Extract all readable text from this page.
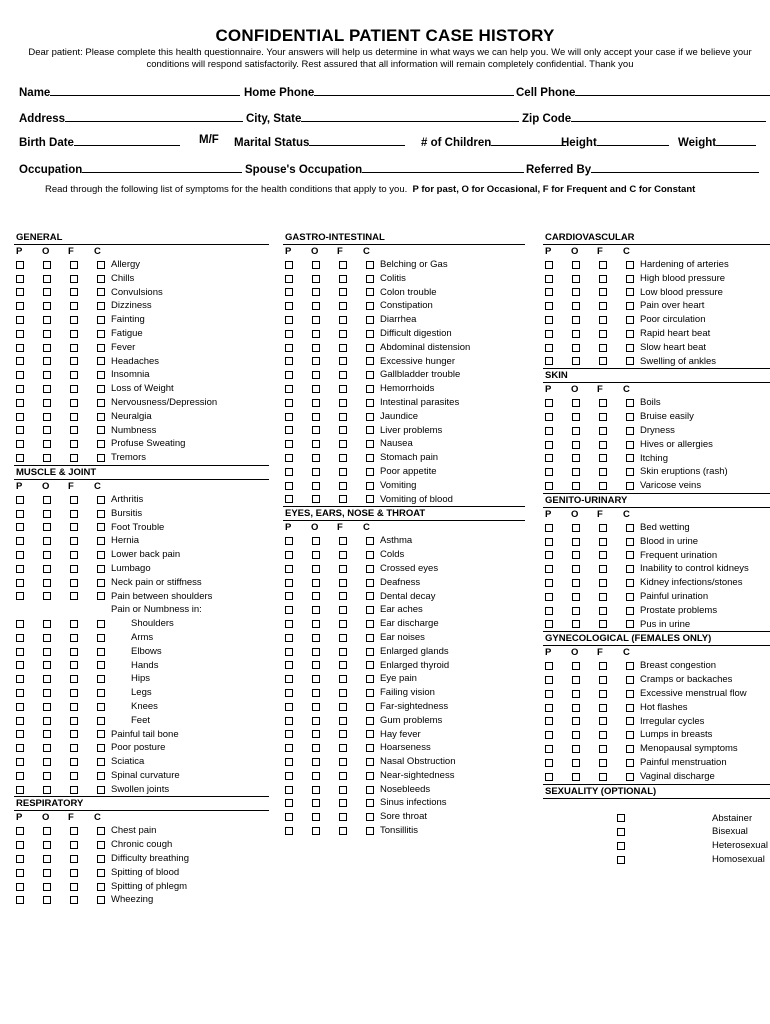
CONFIDENTIAL PATIENT CASE HISTORY
Dear patient: Please complete this health questionnaire. Your answers will help us determine in what ways we can help you. We will only accept your case if we believe your conditions will respond satisfactorily. Rest assured that all information will remain completely confidential. Thank you
Name	Home Phone	Cell Phone
Address	City, State	Zip Code
Birth Date	M/F Marital Status	# of Children	Height	Weight
Occupation	Spouse's Occupation	Referred By
Read through the following list of symptoms for the health conditions that apply to you. P for past, O for Occasional, F for Frequent and C for Constant
GENERAL
P	O	F	C
Allergy
Chills
Convulsions
Dizziness
Fainting
Fatigue
Fever
Headaches
Insomnia
Loss of Weight
Nervousness/Depression
Neuralgia
Numbness
Profuse Sweating
Tremors
MUSCLE & JOINT
P	O	F	C
Arthritis
Bursitis
Foot Trouble
Hernia
Lower back pain
Lumbago
Neck pain or stiffness
Pain between shoulders
Pain or Numbness in:
Shoulders
Arms
Elbows
Hands
Hips
Legs
Knees
Feet
Painful tail bone
Poor posture
Sciatica
Spinal curvature
Swollen joints
RESPIRATORY
P	O	F	C
Chest pain
Chronic cough
Difficulty breathing
Spitting of blood
Spitting of phlegm
Wheezing
GASTRO-INTESTINAL
P	O	F	C
Belching or Gas
Colitis
Colon trouble
Constipation
Diarrhea
Difficult digestion
Abdominal distension
Excessive hunger
Gallbladder trouble
Hemorrhoids
Intestinal parasites
Jaundice
Liver problems
Nausea
Stomach pain
Poor appetite
Vomiting
Vomiting of blood
EYES, EARS, NOSE & THROAT
P	O	F	C
Asthma
Colds
Crossed eyes
Deafness
Dental decay
Ear aches
Ear discharge
Ear noises
Enlarged glands
Enlarged thyroid
Eye pain
Failing vision
Far-sightedness
Gum problems
Hay fever
Hoarseness
Nasal Obstruction
Near-sightedness
Nosebleeds
Sinus infections
Sore throat
Tonsillitis
CARDIOVASCULAR
P	O	F	C
Hardening of arteries
High blood pressure
Low blood pressure
Pain over heart
Poor circulation
Rapid heart beat
Slow heart beat
Swelling of ankles
SKIN
P	O	F	C
Boils
Bruise easily
Dryness
Hives or allergies
Itching
Skin eruptions (rash)
Varicose veins
GENITO-URINARY
P	O	F	C
Bed wetting
Blood in urine
Frequent urination
Inability to control kidneys
Kidney infections/stones
Painful urination
Prostate problems
Pus in urine
GYNECOLOGICAL (FEMALES ONLY)
P	O	F	C
Breast congestion
Cramps or backaches
Excessive menstrual flow
Hot flashes
Irregular cycles
Lumps in breasts
Menopausal symptoms
Painful menstruation
Vaginal discharge
SEXUALITY (OPTIONAL)
Abstainer
Bisexual
Heterosexual
Homosexual
